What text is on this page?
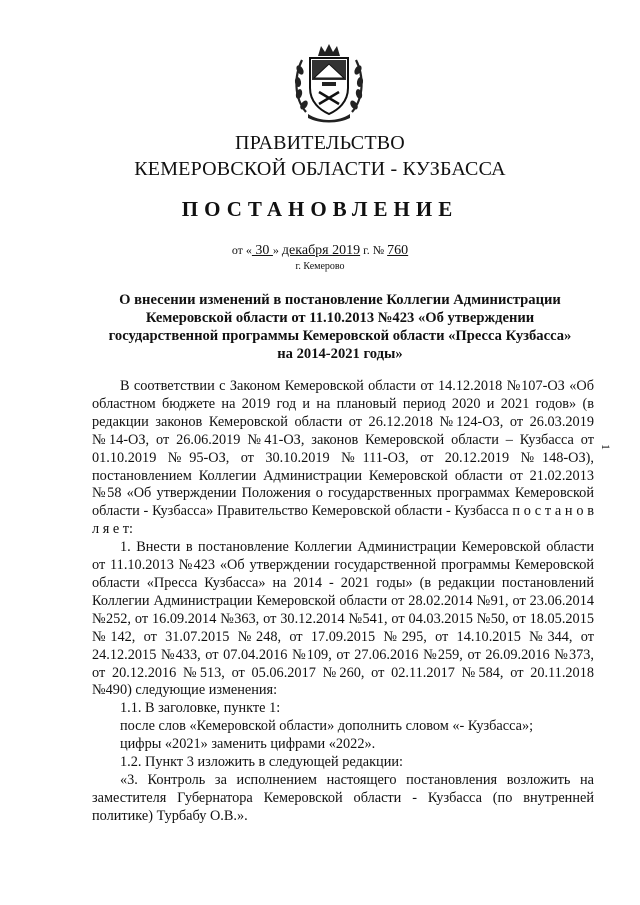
ПРАВИТЕЛЬСТВО
КЕМЕРОВСКОЙ ОБЛАСТИ - КУЗБАССА
ПОСТАНОВЛЕНИЕ
от « 30 » декабря 2019 г. № 760
г. Кемерово
О внесении изменений в постановление Коллегии Администрации
Кемеровской области от 11.10.2013 №423 «Об утверждении
государственной программы Кемеровской области «Пресса Кузбасса»
на 2014-2021 годы»

В соответствии с Законом Кемеровской области от 14.12.2018 №107-ОЗ «Об областном бюджете на 2019 год и на плановый период 2020 и 2021 годов» (в редакции законов Кемеровской области от 26.12.2018 №124-ОЗ, от 26.03.2019 №14-ОЗ, от 26.06.2019 №41-ОЗ, законов Кемеровской области – Кузбасса от 01.10.2019 №95-ОЗ, от 30.10.2019 №111-ОЗ, от 20.12.2019 №148-ОЗ), постановлением Коллегии Администрации Кемеровской области от 21.02.2013 №58 «Об утверждении Положения о государственных программах Кемеровской области - Кузбасса» Правительство Кемеровской области - Кузбасса п о с т а н о в л я е т:

1. Внести в постановление Коллегии Администрации Кемеровской области от 11.10.2013 №423 «Об утверждении государственной программы Кемеровской области «Пресса Кузбасса» на 2014 - 2021 годы» (в редакции постановлений Коллегии Администрации Кемеровской области от 28.02.2014 №91, от 23.06.2014 №252, от 16.09.2014 №363, от 30.12.2014 №541, от 04.03.2015 №50, от 18.05.2015 №142, от 31.07.2015 №248, от 17.09.2015 №295, от 14.10.2015 №344, от 24.12.2015 №433, от 07.04.2016 №109, от 27.06.2016 №259, от 26.09.2016 №373, от 20.12.2016 №513, от 05.06.2017 №260, от 02.11.2017 №584, от 20.11.2018 №490) следующие изменения:

1.1. В заголовке, пункте 1:

после слов «Кемеровской области» дополнить словом «- Кузбасса»;

цифры «2021» заменить цифрами «2022».

1.2. Пункт 3 изложить в следующей редакции:

«3. Контроль за исполнением настоящего постановления возложить на заместителя Губернатора Кемеровской области - Кузбасса (по внутренней политике) Турбабу О.В.».

1
